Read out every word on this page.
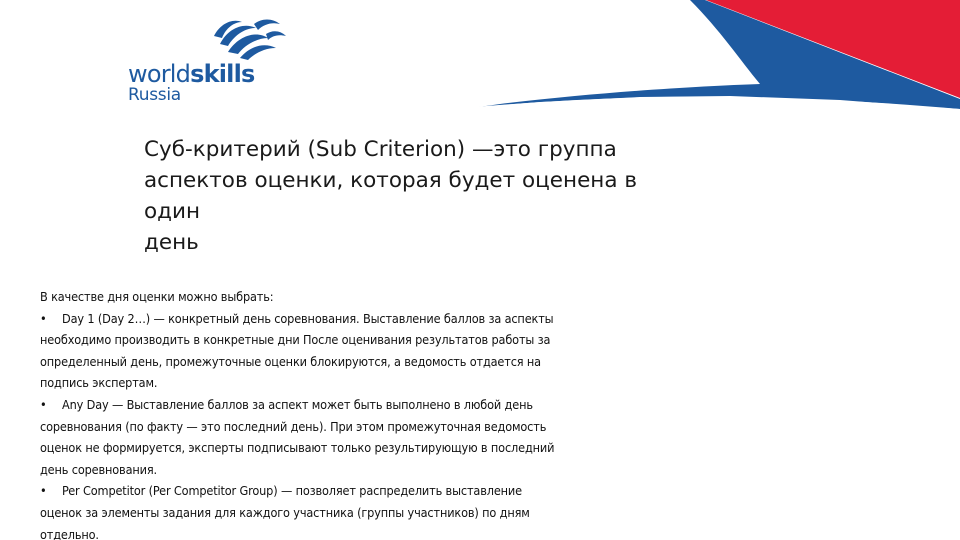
worldskills
Russia
Суб-критерий (Sub Criterion) —это группа
аспектов оценки, которая будет оценена в
один
день

В качестве дня оценки можно выбрать:

• Day 1 (Day 2…) — конкретный день соревнования. Выставление баллов за аспекты

необходимо производить в конкретные дни После оценивания результатов работы за

определенный день, промежуточные оценки блокируются, а ведомость отдается на

подпись экспертам.

• Any Day — Выставление баллов за аспект может быть выполнено в любой день

соревнования (по факту — это последний день). При этом промежуточная ведомость

оценок не формируется, эксперты подписывают только результирующую в последний

день соревнования.

• Per Competitor (Per Competitor Group) — позволяет распределить выставление

оценок за элементы задания для каждого участника (группы участников) по дням

отдельно.
